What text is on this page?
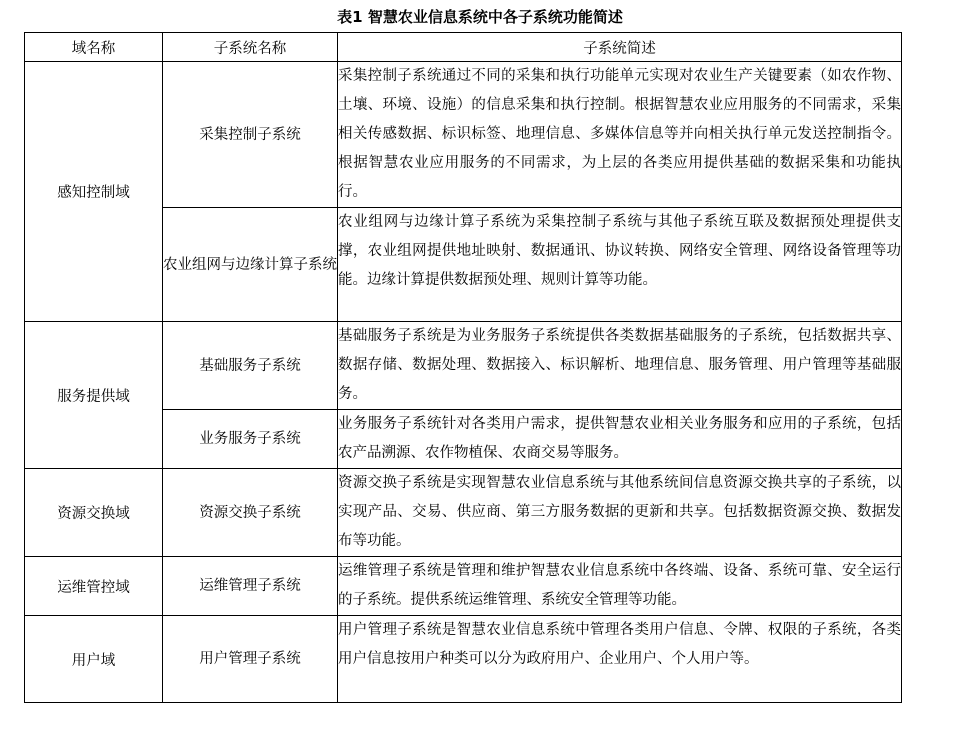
表1 智慧农业信息系统中各子系统功能简述
域名称	子系统名称	子系统简述
感知控制域	采集控制子系统	采集控制子系统通过不同的采集和执行功能单元实现对农业生产关键要素（如农作物、土壤、环境、设施）的信息采集和执行控制。根据智慧农业应用服务的不同需求，采集相关传感数据、标识标签、地理信息、多媒体信息等并向相关执行单元发送控制指令。根据智慧农业应用服务的不同需求，为上层的各类应用提供基础的数据采集和功能执行。
	农业组网与边缘计算子系统	农业组网与边缘计算子系统为采集控制子系统与其他子系统互联及数据预处理提供支撑，农业组网提供地址映射、数据通讯、协议转换、网络安全管理、网络设备管理等功能。边缘计算提供数据预处理、规则计算等功能。
服务提供域	基础服务子系统	基础服务子系统是为业务服务子系统提供各类数据基础服务的子系统，包括数据共享、数据存储、数据处理、数据接入、标识解析、地理信息、服务管理、用户管理等基础服务。
	业务服务子系统	业务服务子系统针对各类用户需求，提供智慧农业相关业务服务和应用的子系统，包括农产品溯源、农作物植保、农商交易等服务。
资源交换域	资源交换子系统	资源交换子系统是实现智慧农业信息系统与其他系统间信息资源交换共享的子系统，以实现产品、交易、供应商、第三方服务数据的更新和共享。包括数据资源交换、数据发布等功能。
运维管控域	运维管理子系统	运维管理子系统是管理和维护智慧农业信息系统中各终端、设备、系统可靠、安全运行的子系统。提供系统运维管理、系统安全管理等功能。
用户域	用户管理子系统	用户管理子系统是智慧农业信息系统中管理各类用户信息、令牌、权限的子系统，各类用户信息按用户种类可以分为政府用户、企业用户、个人用户等。
